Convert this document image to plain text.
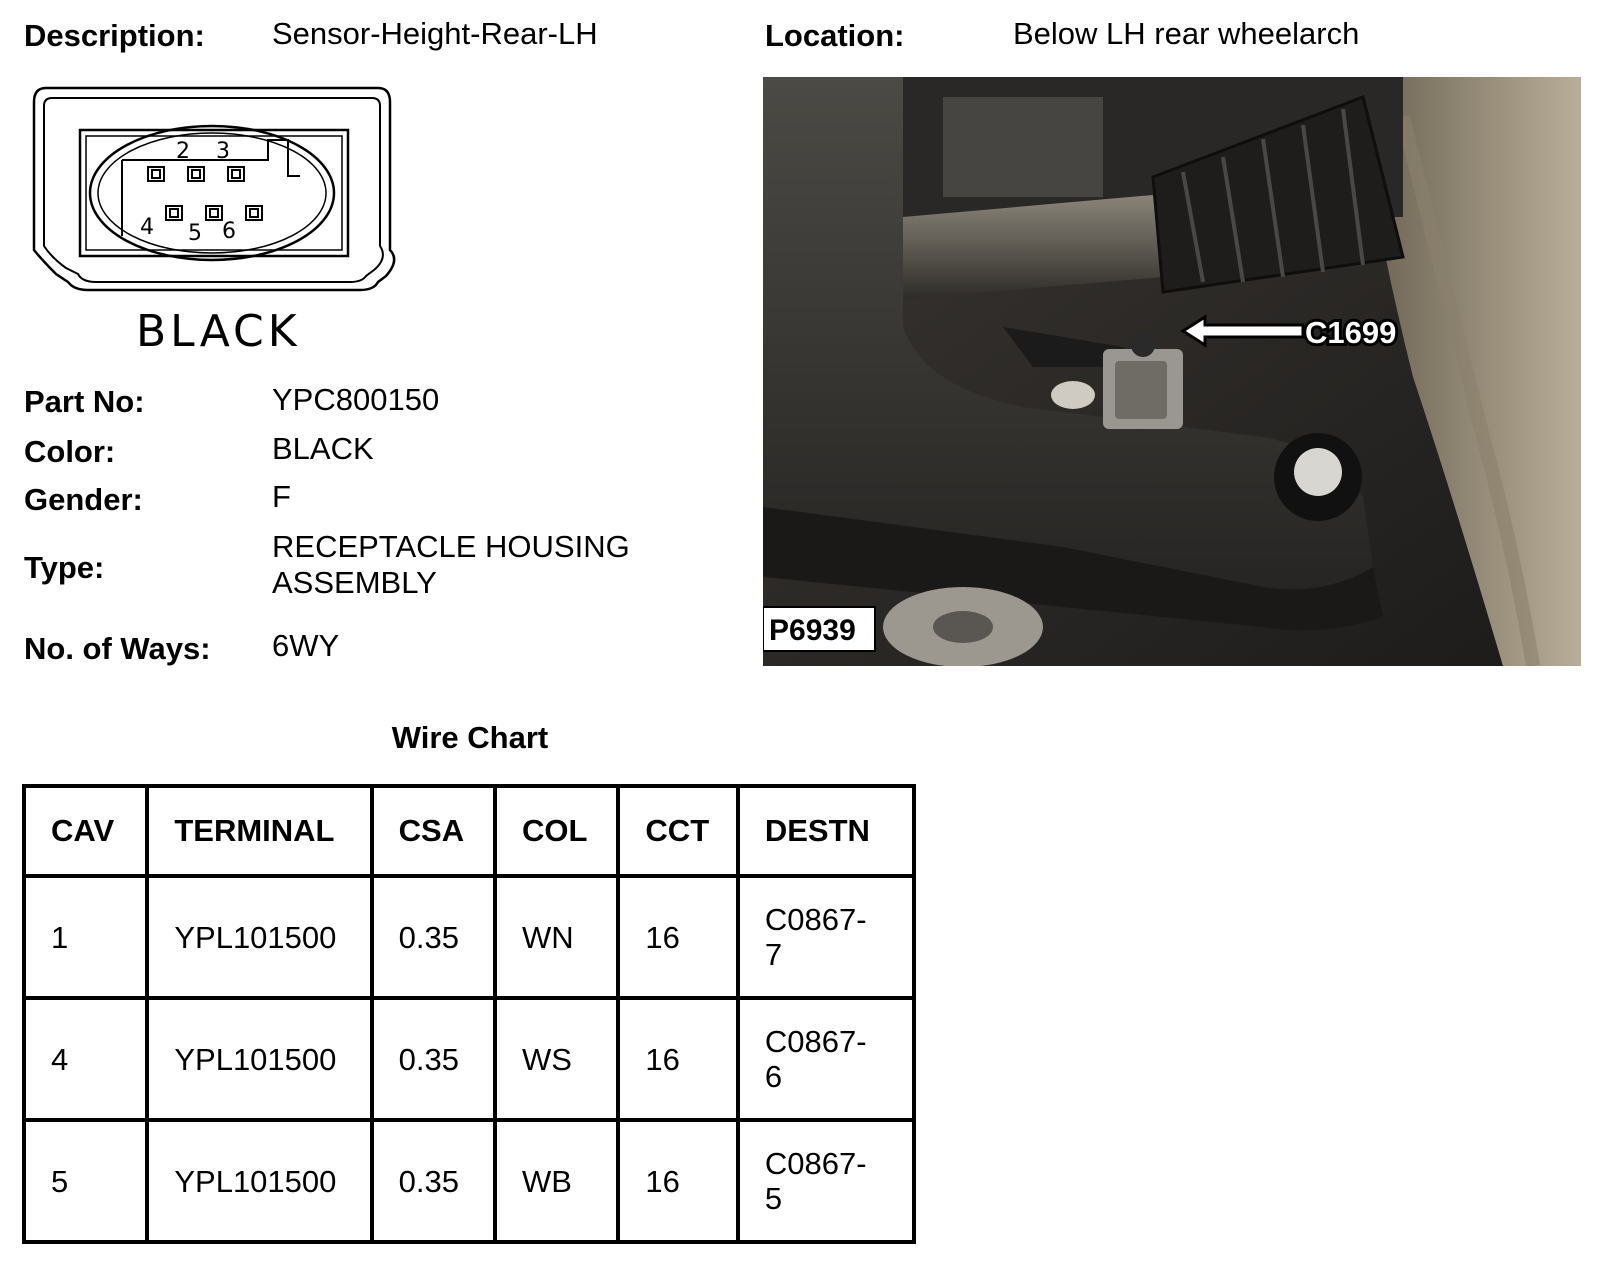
Description: Sensor-Height-Rear-LH	Location:	Below LH rear wheelarch
2 3
4 5 6
BLACK
Part No:	YPC800150
Color:	BLACK
Gender:	F
Type:
RECEPTACLE HOUSING
ASSEMBLY
No. of Ways: 6WY
C1699
P6939
Wire Chart
CAV	TERMINAL	CSA	COL	CCT	DESTN
1	YPL101500	0.35	WN	16	C0867-
7

4	YPL101500	0.35	WS	16	C0867-
6

5	YPL101500	0.35	WB	16	C0867-
5
